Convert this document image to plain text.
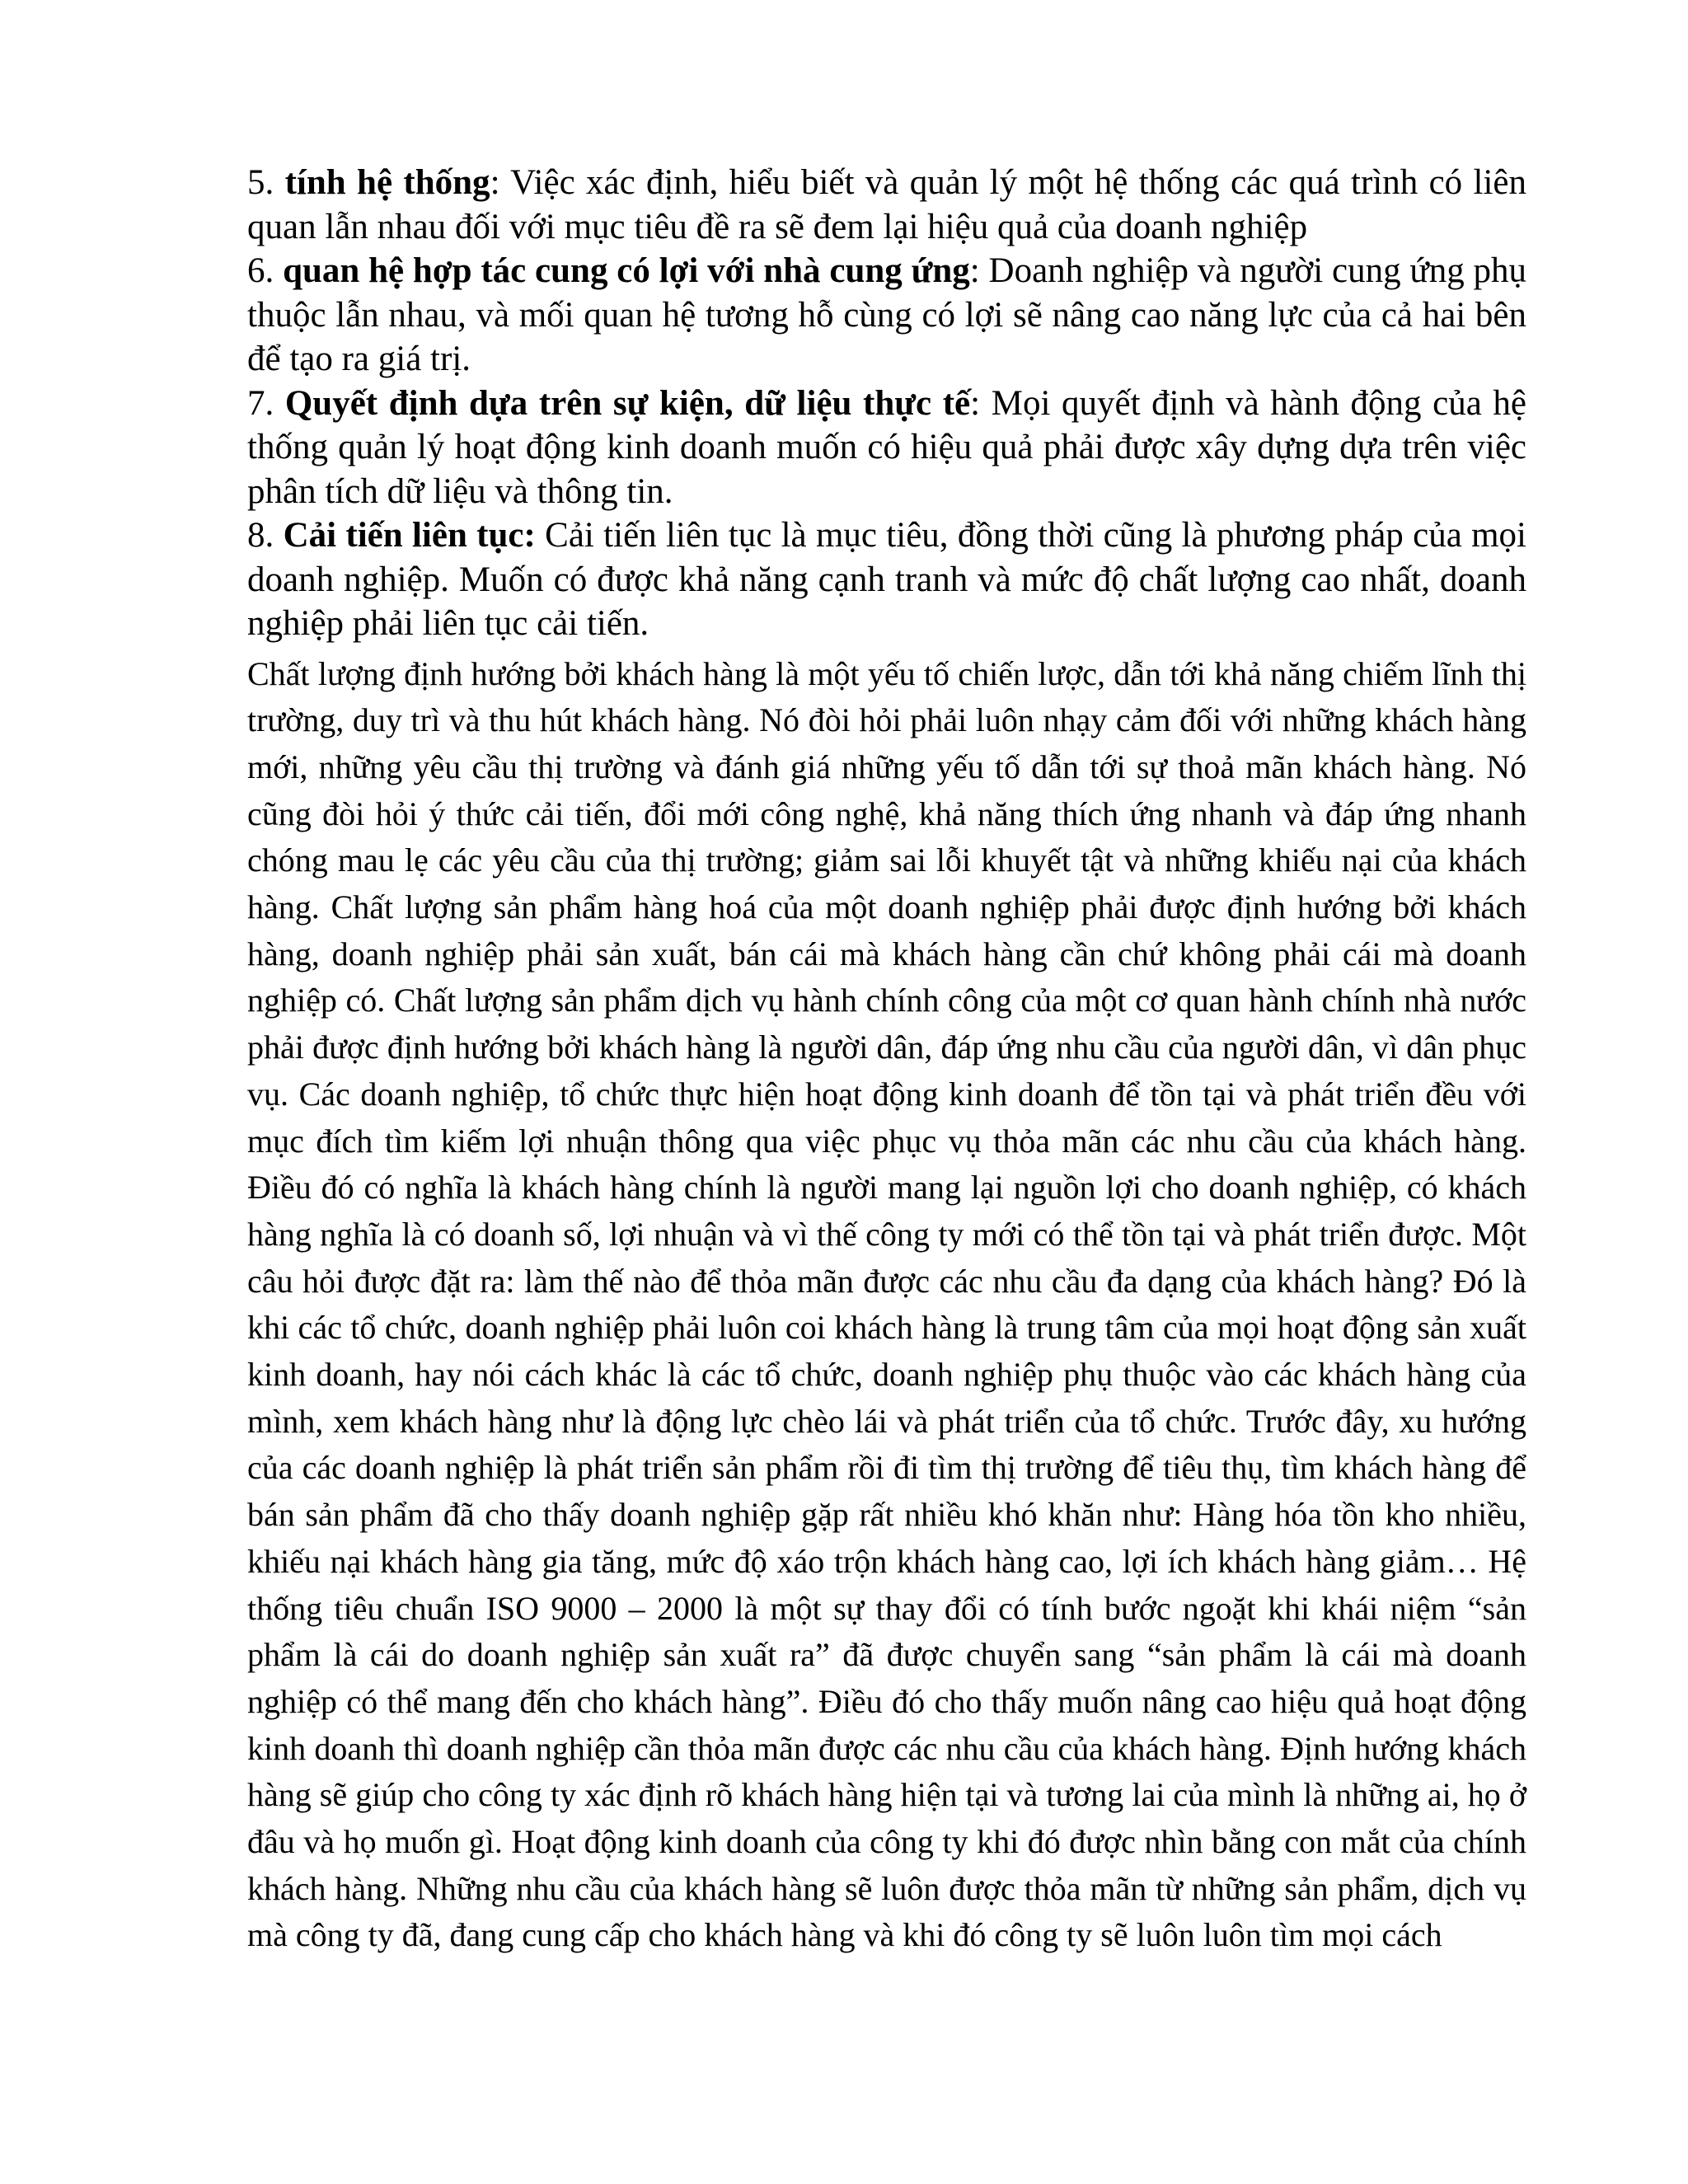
5. tính hệ thống: Việc xác định, hiểu biết và quản lý một hệ thống các quá trình có liên quan lẫn nhau đối với mục tiêu đề ra sẽ đem lại hiệu quả của doanh nghiệp

6. quan hệ hợp tác cung có lợi với nhà cung ứng: Doanh nghiệp và người cung ứng phụ thuộc lẫn nhau, và mối quan hệ tương hỗ cùng có lợi sẽ nâng cao năng lực của cả hai bên để tạo ra giá trị.

7. Quyết định dựa trên sự kiện, dữ liệu thực tế: Mọi quyết định và hành động của hệ thống quản lý hoạt động kinh doanh muốn có hiệu quả phải được xây dựng dựa trên việc phân tích dữ liệu và thông tin.

8. Cải tiến liên tục: Cải tiến liên tục là mục tiêu, đồng thời cũng là phương pháp của mọi doanh nghiệp. Muốn có được khả năng cạnh tranh và mức độ chất lượng cao nhất, doanh nghiệp phải liên tục cải tiến.

Chất lượng định hướng bởi khách hàng là một yếu tố chiến lược, dẫn tới khả năng chiếm lĩnh thị trường, duy trì và thu hút khách hàng. Nó đòi hỏi phải luôn nhạy cảm đối với những khách hàng mới, những yêu cầu thị trường và đánh giá những yếu tố dẫn tới sự thoả mãn khách hàng. Nó cũng đòi hỏi ý thức cải tiến, đổi mới công nghệ, khả năng thích ứng nhanh và đáp ứng nhanh chóng mau lẹ các yêu cầu của thị trường; giảm sai lỗi khuyết tật và những khiếu nại của khách hàng. Chất lượng sản phẩm hàng hoá của một doanh nghiệp phải được định hướng bởi khách hàng, doanh nghiệp phải sản xuất, bán cái mà khách hàng cần chứ không phải cái mà doanh nghiệp có. Chất lượng sản phẩm dịch vụ hành chính công của một cơ quan hành chính nhà nước phải được định hướng bởi khách hàng là người dân, đáp ứng nhu cầu của người dân, vì dân phục vụ. Các doanh nghiệp, tổ chức thực hiện hoạt động kinh doanh để tồn tại và phát triển đều với mục đích tìm kiếm lợi nhuận thông qua việc phục vụ thỏa mãn các nhu cầu của khách hàng. Điều đó có nghĩa là khách hàng chính là người mang lại nguồn lợi cho doanh nghiệp, có khách hàng nghĩa là có doanh số, lợi nhuận và vì thế công ty mới có thể tồn tại và phát triển được. Một câu hỏi được đặt ra: làm thế nào để thỏa mãn được các nhu cầu đa dạng của khách hàng? Đó là khi các tổ chức, doanh nghiệp phải luôn coi khách hàng là trung tâm của mọi hoạt động sản xuất kinh doanh, hay nói cách khác là các tổ chức, doanh nghiệp phụ thuộc vào các khách hàng của mình, xem khách hàng như là động lực chèo lái và phát triển của tổ chức. Trước đây, xu hướng của các doanh nghiệp là phát triển sản phẩm rồi đi tìm thị trường để tiêu thụ, tìm khách hàng để bán sản phẩm đã cho thấy doanh nghiệp gặp rất nhiều khó khăn như: Hàng hóa tồn kho nhiều, khiếu nại khách hàng gia tăng, mức độ xáo trộn khách hàng cao, lợi ích khách hàng giảm… Hệ thống tiêu chuẩn ISO 9000 – 2000 là một sự thay đổi có tính bước ngoặt khi khái niệm “sản phẩm là cái do doanh nghiệp sản xuất ra” đã được chuyển sang “sản phẩm là cái mà doanh nghiệp có thể mang đến cho khách hàng”. Điều đó cho thấy muốn nâng cao hiệu quả hoạt động kinh doanh thì doanh nghiệp cần thỏa mãn được các nhu cầu của khách hàng. Định hướng khách hàng sẽ giúp cho công ty xác định rõ khách hàng hiện tại và tương lai của mình là những ai, họ ở đâu và họ muốn gì. Hoạt động kinh doanh của công ty khi đó được nhìn bằng con mắt của chính khách hàng. Những nhu cầu của khách hàng sẽ luôn được thỏa mãn từ những sản phẩm, dịch vụ mà công ty đã, đang cung cấp cho khách hàng và khi đó công ty sẽ luôn luôn tìm mọi cách
